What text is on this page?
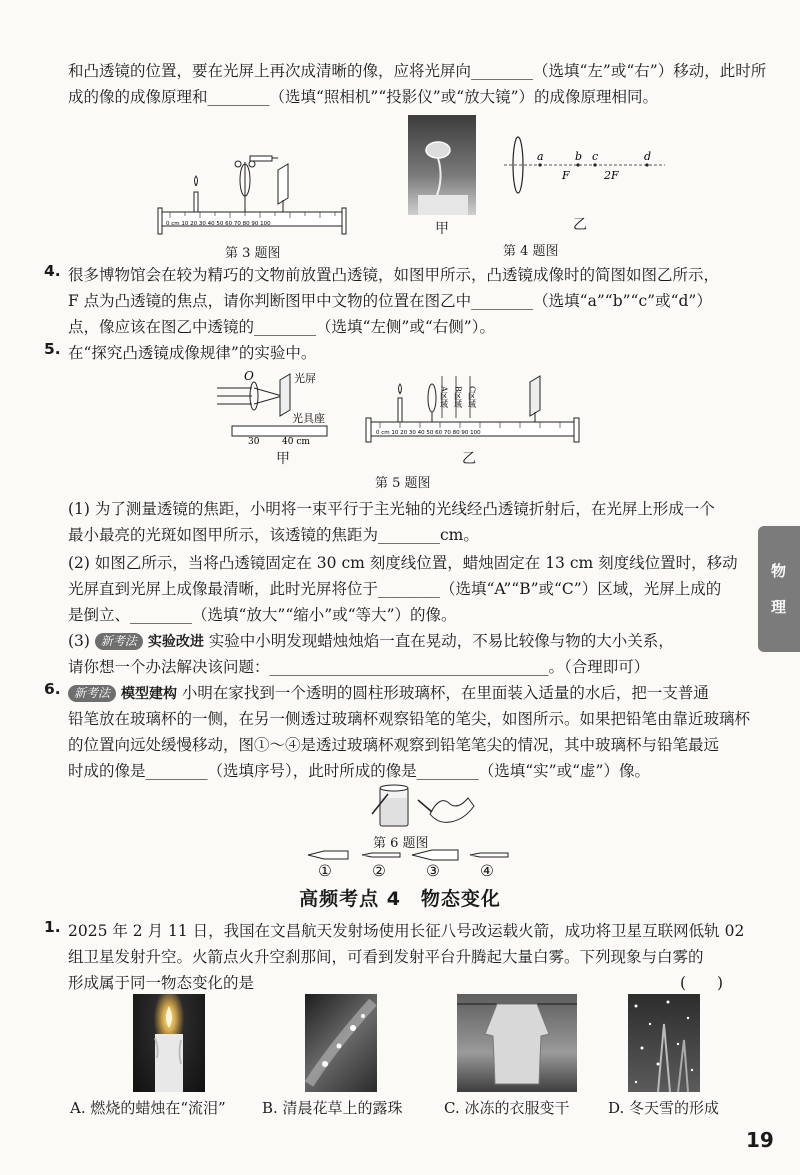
和凸透镜的位置，要在光屏上再次成清晰的像，应将光屏向________（选填“左”或“右”）移动，此时所
成的像的成像原理和________（选填“照相机”“投影仪”或“放大镜”）的成像原理相同。
0 cm 10 20 30 40 50 60 70 80 90 100
第 3 题图
甲
a	b c	d
F	2F
乙
第 4 题图
4. 很多博物馆会在较为精巧的文物前放置凸透镜，如图甲所示，凸透镜成像时的简图如图乙所示，
F 点为凸透镜的焦点，请你判断图甲中文物的位置在图乙中________（选填“a”“b”“c”或“d”）
点，像应该在图乙中透镜的________（选填“左侧”或“右侧”）。
5. 在“探究凸透镜成像规律”的实验中。
O	光屏
光具座
30	40 cm
甲
0 cm 10 20 30 40 50 60 70 80 90 100
A区域 B区域 C区域
乙
第 5 题图
(1) 为了测量透镜的焦距，小明将一束平行于主光轴的光线经凸透镜折射后，在光屏上形成一个
最小最亮的光斑如图甲所示，该透镜的焦距为________cm。
(2) 如图乙所示，当将凸透镜固定在 30 cm 刻度线位置，蜡烛固定在 13 cm 刻度线位置时，移动
光屏直到光屏上成像最清晰，此时光屏将位于________（选填“A”“B”或“C”）区域，光屏上成的
是倒立、________（选填“放大”“缩小”或“等大”）的像。
(3) 新考法 实验改进 实验中小明发现蜡烛烛焰一直在晃动，不易比较像与物的大小关系，
请你想一个办法解决该问题：____________________________________。（合理即可）
6.	新考法 模型建构 小明在家找到一个透明的圆柱形玻璃杯，在里面装入适量的水后，把一支普通
铅笔放在玻璃杯的一侧，在另一侧透过玻璃杯观察铅笔的笔尖，如图所示。如果把铅笔由靠近玻璃杯
的位置向远处缓慢移动，图①～④是透过玻璃杯观察到铅笔笔尖的情况，其中玻璃杯与铅笔最远
时成的像是________（选填序号），此时所成的像是________（选填“实”或“虚”）像。
第 6 题图
①	②	③	④
高频考点 4　物态变化
1. 2025 年 2 月 11 日，我国在文昌航天发射场使用长征八号改运载火箭，成功将卫星互联网低轨 02
组卫星发射升空。火箭点火升空刹那间，可看到发射平台升腾起大量白雾。下列现象与白雾的
形成属于同一物态变化的是	(　　)
A. 燃烧的蜡烛在“流泪” B. 清晨花草上的露珠	C. 冰冻的衣服变干	D. 冬天雪的形成
物
理
19
